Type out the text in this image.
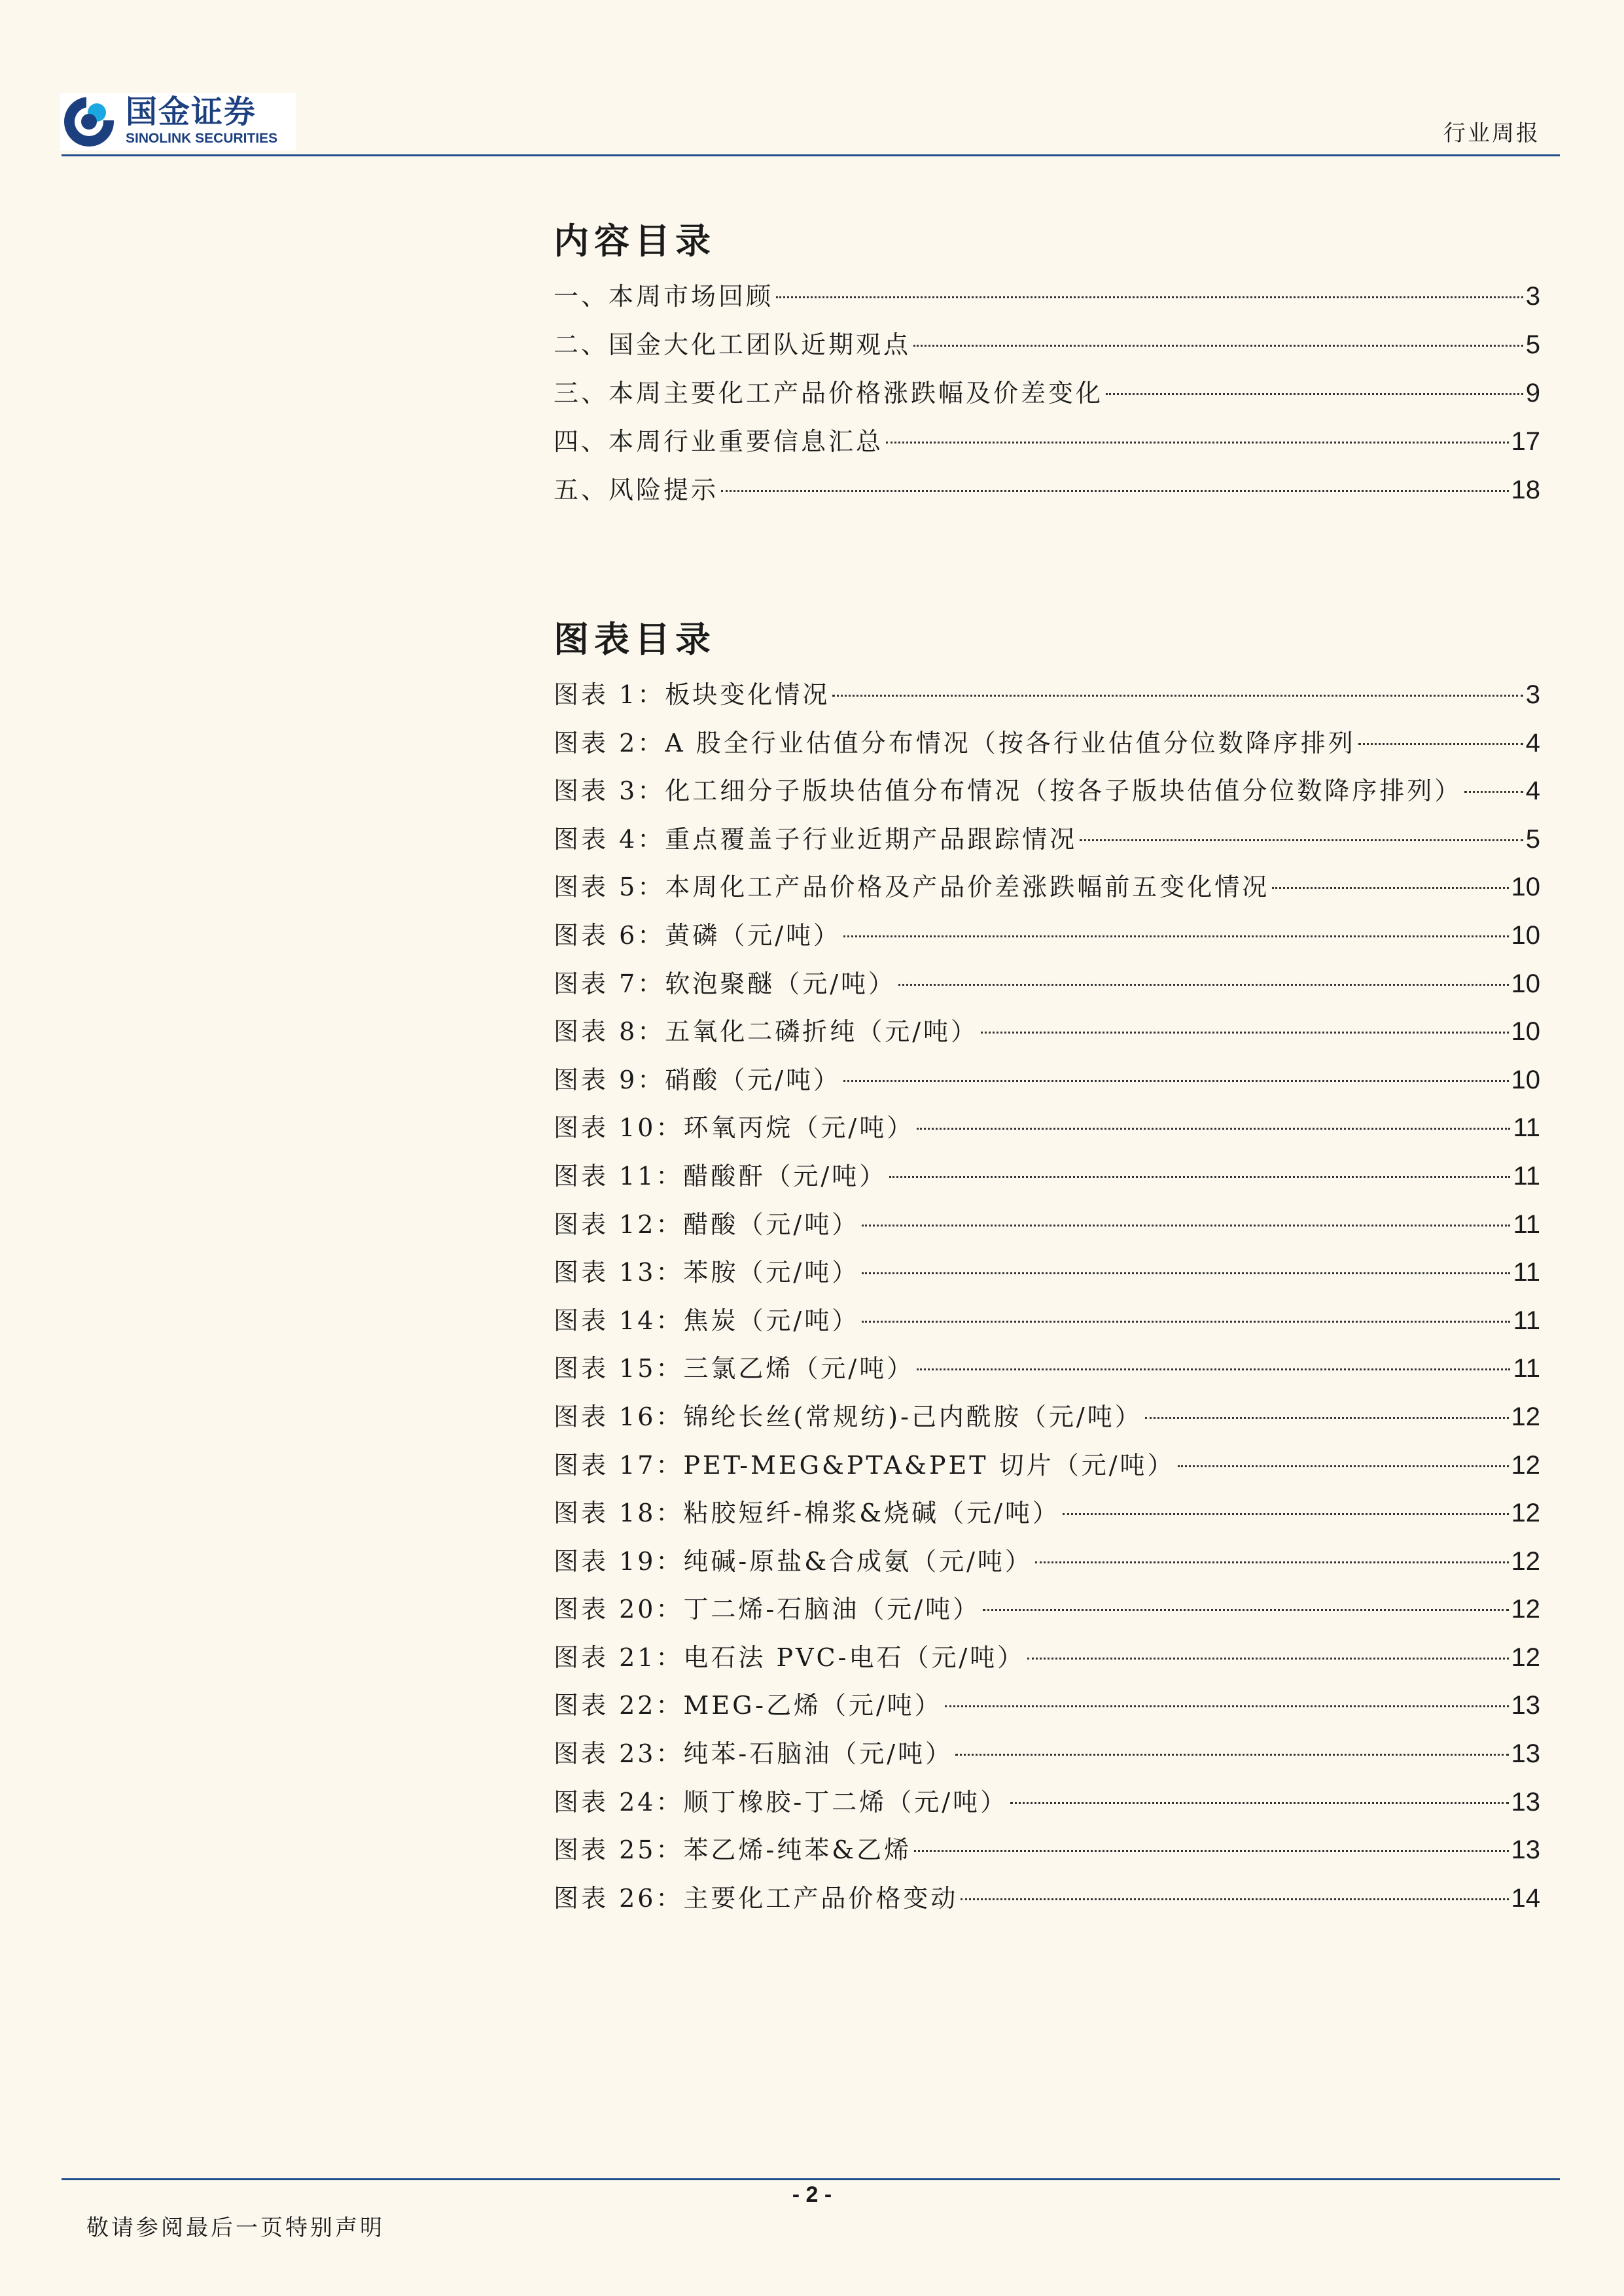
国金证券
SINOLINK SECURITIES	行业周报
内容目录
一、本周市场回顾	3
二、国金大化工团队近期观点	5
三、本周主要化工产品价格涨跌幅及价差变化	9
四、本周行业重要信息汇总	17
五、风险提示	18
图表目录
图表 1：板块变化情况	3
图表 2：A 股全行业估值分布情况（按各行业估值分位数降序排列	4
图表 3：化工细分子版块估值分布情况（按各子版块估值分位数降序排列） 4
图表 4：重点覆盖子行业近期产品跟踪情况	5
图表 5：本周化工产品价格及产品价差涨跌幅前五变化情况	10
图表 6：黄磷（元/吨）	10
图表 7：软泡聚醚（元/吨）	10
图表 8：五氧化二磷折纯（元/吨）	10
图表 9：硝酸（元/吨）	10
图表 10：环氧丙烷（元/吨）	11
图表 11：醋酸酐（元/吨）	11
图表 12：醋酸（元/吨）	11
图表 13：苯胺（元/吨）	11
图表 14：焦炭（元/吨）	11
图表 15：三氯乙烯（元/吨）	11
图表 16：锦纶长丝(常规纺)-己内酰胺（元/吨）	12
图表 17：PET-MEG&PTA&PET 切片（元/吨）	12
图表 18：粘胶短纤-棉浆&烧碱（元/吨）	12
图表 19：纯碱-原盐&合成氨（元/吨）	12
图表 20：丁二烯-石脑油（元/吨）	12
图表 21：电石法 PVC-电石（元/吨）	12
图表 22：MEG-乙烯（元/吨）	13
图表 23：纯苯-石脑油（元/吨）	13
图表 24：顺丁橡胶-丁二烯（元/吨）	13
图表 25：苯乙烯-纯苯&乙烯	13
图表 26：主要化工产品价格变动	14
- 2 -
敬请参阅最后一页特别声明
